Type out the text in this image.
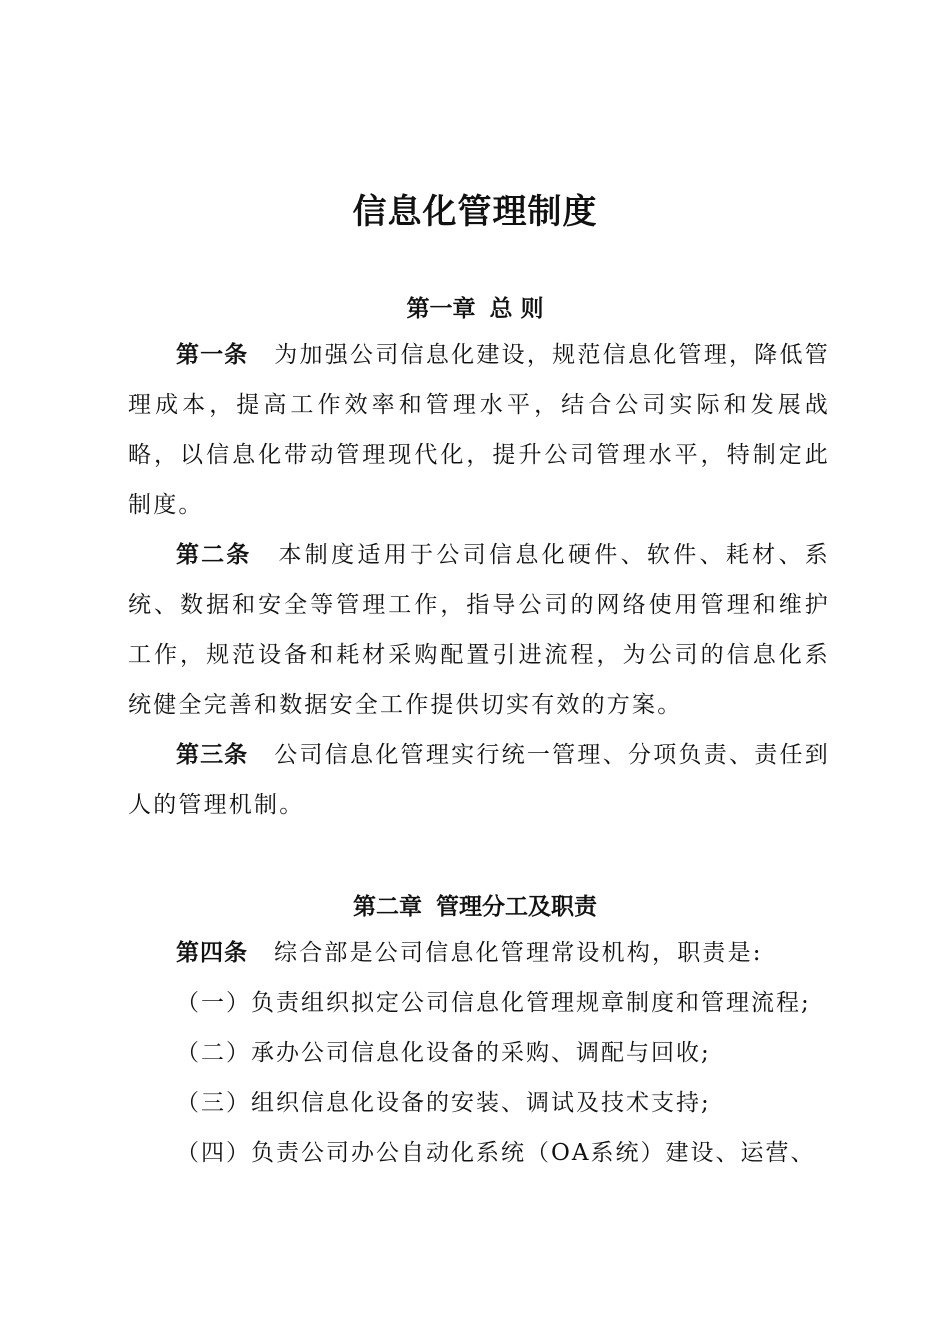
信息化管理制度
第一章 总 则

第一条 为加强公司信息化建设，规范信息化管理，降低管理成本，提高工作效率和管理水平，结合公司实际和发展战略，以信息化带动管理现代化，提升公司管理水平，特制定此制度。

第二条 本制度适用于公司信息化硬件、软件、耗材、系统、数据和安全等管理工作，指导公司的网络使用管理和维护工作，规范设备和耗材采购配置引进流程，为公司的信息化系统健全完善和数据安全工作提供切实有效的方案。

第三条 公司信息化管理实行统一管理、分项负责、责任到人的管理机制。

第二章 管理分工及职责

第四条 综合部是公司信息化管理常设机构，职责是:

（一）负责组织拟定公司信息化管理规章制度和管理流程;

（二）承办公司信息化设备的采购、调配与回收;

（三）组织信息化设备的安装、调试及技术支持;

（四）负责公司办公自动化系统（OA系统）建设、运营、
